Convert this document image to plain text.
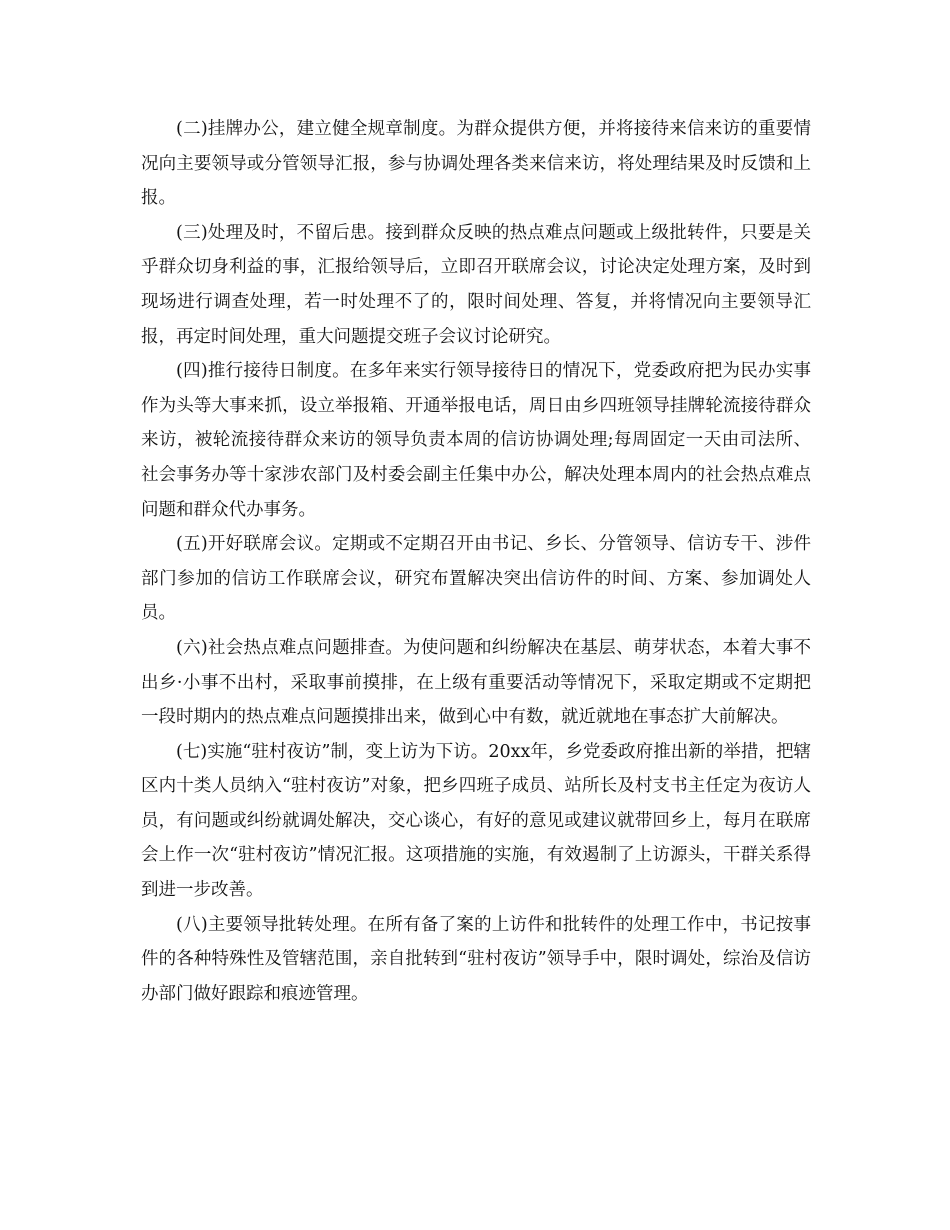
(二)挂牌办公，建立健全规章制度。为群众提供方便，并将接待来信来访的重要情况向主要领导或分管领导汇报，参与协调处理各类来信来访，将处理结果及时反馈和上报。

(三)处理及时，不留后患。接到群众反映的热点难点问题或上级批转件，只要是关乎群众切身利益的事，汇报给领导后，立即召开联席会议，讨论决定处理方案，及时到现场进行调查处理，若一时处理不了的，限时间处理、答复，并将情况向主要领导汇报，再定时间处理，重大问题提交班子会议讨论研究。

(四)推行接待日制度。在多年来实行领导接待日的情况下，党委政府把为民办实事作为头等大事来抓，设立举报箱、开通举报电话，周日由乡四班领导挂牌轮流接待群众来访，被轮流接待群众来访的领导负责本周的信访协调处理;每周固定一天由司法所、社会事务办等十家涉农部门及村委会副主任集中办公，解决处理本周内的社会热点难点问题和群众代办事务。

(五)开好联席会议。定期或不定期召开由书记、乡长、分管领导、信访专干、涉件部门参加的信访工作联席会议，研究布置解决突出信访件的时间、方案、参加调处人员。

(六)社会热点难点问题排查。为使问题和纠纷解决在基层、萌芽状态，本着大事不出乡·小事不出村，采取事前摸排，在上级有重要活动等情况下，采取定期或不定期把一段时期内的热点难点问题摸排出来，做到心中有数，就近就地在事态扩大前解决。

(七)实施“驻村夜访”制，变上访为下访。20xx年，乡党委政府推出新的举措，把辖区内十类人员纳入“驻村夜访”对象，把乡四班子成员、站所长及村支书主任定为夜访人员，有问题或纠纷就调处解决，交心谈心，有好的意见或建议就带回乡上，每月在联席会上作一次“驻村夜访”情况汇报。这项措施的实施，有效遏制了上访源头，干群关系得到进一步改善。

(八)主要领导批转处理。在所有备了案的上访件和批转件的处理工作中，书记按事件的各种特殊性及管辖范围，亲自批转到“驻村夜访”领导手中，限时调处，综治及信访办部门做好跟踪和痕迹管理。
